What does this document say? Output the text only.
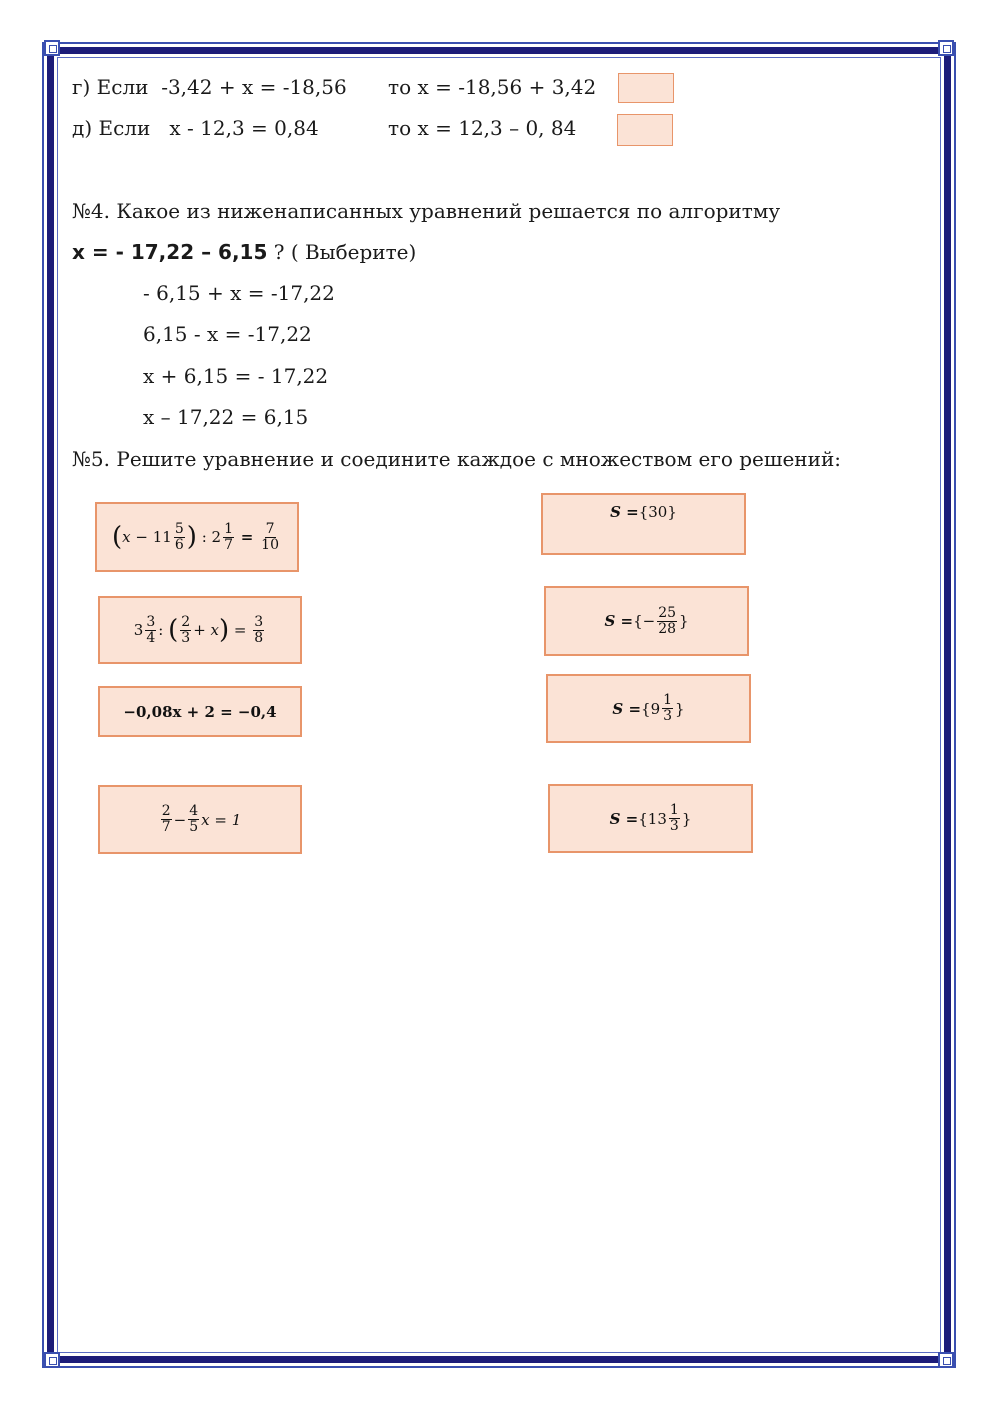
г) Если  -3,42 + x = -18,56 то x = -18,56 + 3,42
д) Если   x - 12,3 = 0,84	то x = 12,3 – 0, 84
№4. Какое из ниженаписанных уравнений решается по алгоритму
x = - 17,22 – 6,15 ? ( Выберите)
- 6,15 + x = -17,22
6,15 - x = -17,22
x + 6,15 = - 17,22
x – 17,22 = 6,15
№5. Решите уравнение и соедините каждое с множеством его решений:
( x
− $11 \frac{5}{6}$ )
: $2 \frac{1}{7}$
=
$\frac{7}{10}$
$3 \frac{3}{4}$ :
( $\frac{2}{3} + x$ )
=
$\frac{3}{8}$
−0,08x + 2 = −0,4
$\frac{2}{7} - \frac{4}{5}$ x = 1
S = {30}
S = {− $\frac{25}{28}$ }
$S = \{9 \frac{1}{3}$ }
$S = \{13 \frac{1}{3}$ }
